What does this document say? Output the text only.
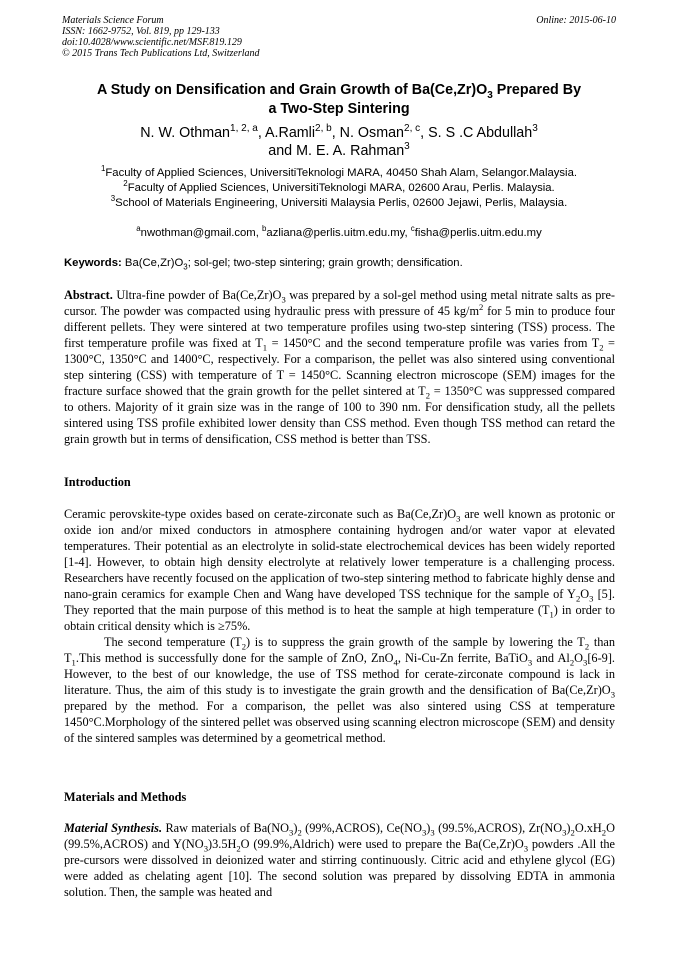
Materials Science Forum
ISSN: 1662-9752, Vol. 819, pp 129-133
doi:10.4028/www.scientific.net/MSF.819.129
© 2015 Trans Tech Publications Ltd, Switzerland
Online: 2015-06-10
A Study on Densification and Grain Growth of $Ba(Ce,Zr)O_3$ Prepared By
a Two-Step Sintering
N. W. Othman$^{1, 2, a}$, A.Ramli$^{2, b}$, N. Osman$^{2, c}$, S. S .C Abdullah$^3$
and M. E. A. Rahman$^3$
$^1$Faculty of Applied Sciences, UniversitiTeknologi MARA, 40450 Shah Alam, Selangor.Malaysia.
$^2$Faculty of Applied Sciences, UniversitiTeknologi MARA, 02600 Arau, Perlis. Malaysia.
$^3$School of Materials Engineering, Universiti Malaysia Perlis, 02600 Jejawi, Perlis, Malaysia.
$^a$nwothman@gmail.com, $^b$azliana@perlis.uitm.edu.my, $^c$fisha@perlis.uitm.edu.my
Keywords: $Ba(Ce,Zr)O_3$; sol-gel; two-step sintering; grain growth; densification.

Abstract. Ultra-fine powder of $Ba(Ce,Zr)O_3$ was prepared by a sol-gel method using metal nitrate salts as pre-cursor. The powder was compacted using hydraulic press with pressure of 45 $kg/m^2$ for 5 min to produce four different pellets. They were sintered at two temperature profiles using two-step sintering (TSS) process. The first temperature profile was fixed at $T_1 = 1450^\circ C$ and the second temperature profile was varies from $T_2 = 1300^\circ C$, 1350°C and 1400°C, respectively. For a comparison, the pellet was also sintered using conventional step sintering (CSS) with temperature of T = 1450°C. Scanning electron microscope (SEM) images for the fracture surface showed that the grain growth for the pellet sintered at $T_2 = 1350^\circ C$ was suppressed compared to others. Majority of it grain size was in the range of 100 to 390 nm. For densification study, all the pellets sintered using TSS profile exhibited lower density than CSS method. Even though TSS method can retard the grain growth but in terms of densification, CSS method is better than TSS.

Introduction

Ceramic perovskite-type oxides based on cerate-zirconate such as $Ba(Ce,Zr)O_3$ are well known as protonic or oxide ion and/or mixed conductors in atmosphere containing hydrogen and/or water vapor at elevated temperatures. Their potential as an electrolyte in solid-state electrochemical devices has been widely reported [1-4]. However, to obtain high density electrolyte at relatively lower temperature is a challenging process. Researchers have recently focused on the application of two-step sintering method to fabricate highly dense and nano-grain ceramics for example Chen and Wang have developed TSS technique for the sample of $Y_2O_3$ [5]. They reported that the main purpose of this method is to heat the sample at high temperature $(T_1)$ in order to obtain critical density which is ≥75%.

The second temperature $(T_2)$ is to suppress the grain growth of the sample by lowering the $T_2$ than $T_1.This$ method is successfully done for the sample of ZnO, ZnO$_4$, Ni-Cu-Zn ferrite, BaTiO$_3$ and $Al_2O_3[6-9]$. However, to the best of our knowledge, the use of TSS method for cerate-zirconate compound is lack in literature. Thus, the aim of this study is to investigate the grain growth and the densification of $Ba(Ce,Zr)O_3$ prepared by the method. For a comparison, the pellet was also sintered using CSS at temperature 1450°C.Morphology of the sintered pellet was observed using scanning electron microscope (SEM) and density of the sintered samples was determined by a geometrical method.

Materials and Methods

Material Synthesis. Raw materials of $Ba(NO_3)_2$ (99%,ACROS), $Ce(NO_3)_3$ (99.5%,ACROS), $Zr(NO_3)_2O.xH_2O$ (99.5%,ACROS) and $Y(NO_3)3.5H_2O$ (99.9%,Aldrich) were used to prepare the $Ba(Ce,Zr)O_3$ powders .All the pre-cursors were dissolved in deionized water and stirring continuously. Citric acid and ethylene glycol (EG) were added as chelating agent [10]. The second solution was prepared by dissolving EDTA in ammonia solution. Then, the sample was heated and
